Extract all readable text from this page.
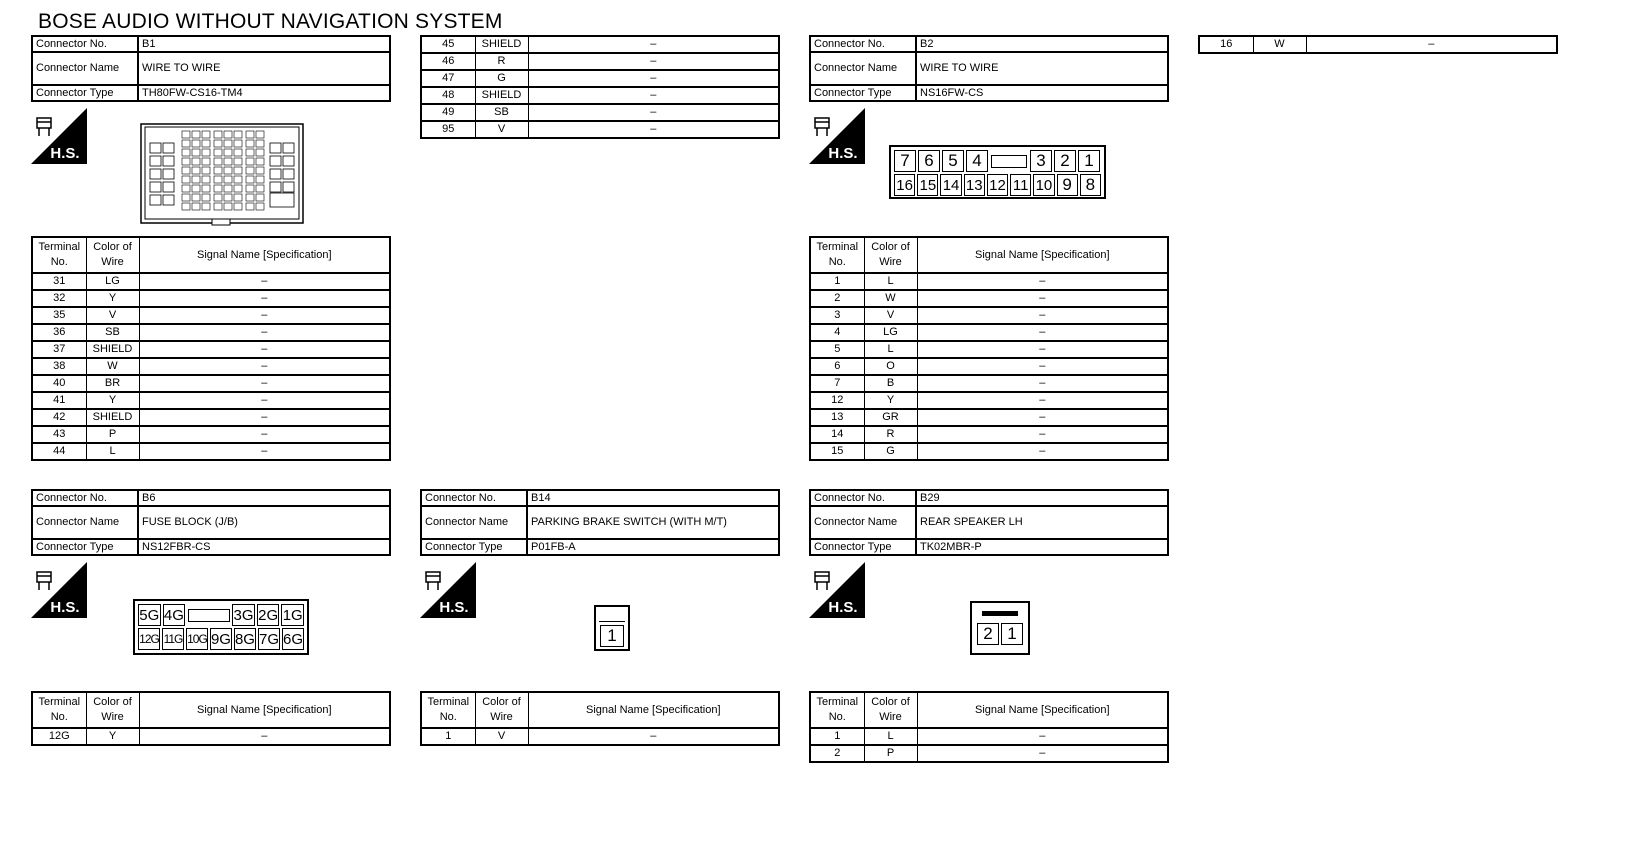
BOSE AUDIO WITHOUT NAVIGATION SYSTEM
Connector No.	B1
Connector Name	WIRE TO WIRE
Connector Type	TH80FW-CS16-TM4
H.S.
Terminal No.	Color of Wire	Signal Name [Specification]
31	LG	–
32	Y	–
35	V	–
36	SB	–
37	SHIELD	–
38	W	–
40	BR	–
41	Y	–
42	SHIELD	–
43	P	–
44	L	–
45	SHIELD	–
46	R	–
47	G	–
48	SHIELD	–
49	SB	–
95	V	–
Connector No.	B2
Connector Name	WIRE TO WIRE
Connector Type	NS16FW-CS
H.S.	7 6 5 4	3 2 1
16 15 14 13 12 11 10 9 8
Terminal No.	Color of Wire	Signal Name [Specification]
1	L	–
2	W	–
3	V	–
4	LG	–
5	L	–
6	O	–
7	B	–
12	Y	–
13	GR	–
14	R	–
15	G	–
16	W	–
Connector No.	B6
Connector Name	FUSE BLOCK (J/B)
Connector Type	NS12FBR-CS
H.S.	5G 4G	3G 2G 1G
12G 11G 10G 9G 8G 7G 6G
Terminal No.	Color of Wire	Signal Name [Specification]
12G	Y	–
Connector No.	B14
Connector Name	PARKING BRAKE SWITCH (WITH M/T)
Connector Type	P01FB-A
H.S.
1
Terminal No.	Color of Wire	Signal Name [Specification]
1	V	–
Connector No.	B29
Connector Name	REAR SPEAKER LH
Connector Type	TK02MBR-P
H.S.
2 1
Terminal No.	Color of Wire	Signal Name [Specification]
1	L	–
2	P	–
